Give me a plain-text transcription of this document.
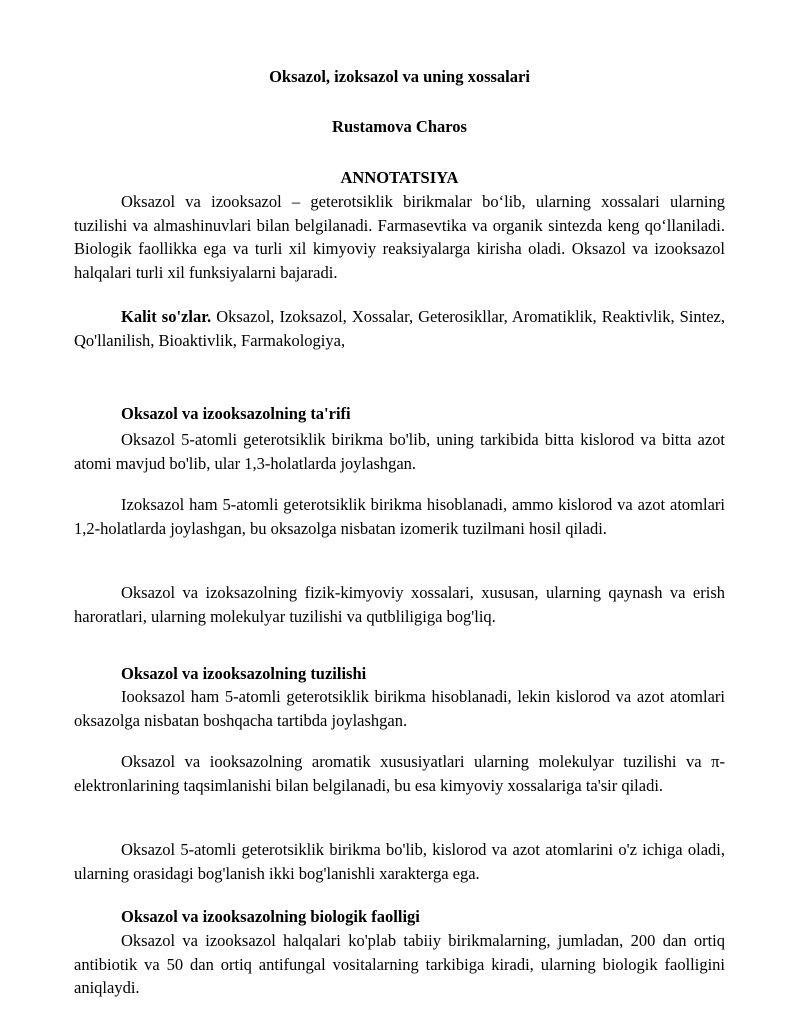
Oksazol, izoksazol va uning xossalari
Rustamova Charos
ANNOTATSIYA

Oksazol va izooksazol – geterotsiklik birikmalar boʻlib, ularning xossalari ularning tuzilishi va almashinuvlari bilan belgilanadi. Farmasevtika va organik sintezda keng qoʻllaniladi. Biologik faollikka ega va turli xil kimyoviy reaksiyalarga kirisha oladi. Oksazol va izooksazol halqalari turli xil funksiyalarni bajaradi.

Kalit so'zlar. Oksazol, Izoksazol, Xossalar, Geterosikllar, Aromatiklik, Reaktivlik, Sintez, Qo'llanilish, Bioaktivlik, Farmakologiya,

Oksazol va izooksazolning ta'rifi

Oksazol 5-atomli geterotsiklik birikma bo'lib, uning tarkibida bitta kislorod va bitta azot atomi mavjud bo'lib, ular 1,3-holatlarda joylashgan.

Izoksazol ham 5-atomli geterotsiklik birikma hisoblanadi, ammo kislorod va azot atomlari 1,2-holatlarda joylashgan, bu oksazolga nisbatan izomerik tuzilmani hosil qiladi.

Oksazol va izoksazolning fizik-kimyoviy xossalari, xususan, ularning qaynash va erish haroratlari, ularning molekulyar tuzilishi va qutbliligiga bog'liq.

Oksazol va izooksazolning tuzilishi

Iooksazol ham 5-atomli geterotsiklik birikma hisoblanadi, lekin kislorod va azot atomlari oksazolga nisbatan boshqacha tartibda joylashgan.

Oksazol va iooksazolning aromatik xususiyatlari ularning molekulyar tuzilishi va π-elektronlarining taqsimlanishi bilan belgilanadi, bu esa kimyoviy xossalariga ta'sir qiladi.

Oksazol 5-atomli geterotsiklik birikma bo'lib, kislorod va azot atomlarini o'z ichiga oladi, ularning orasidagi bog'lanish ikki bog'lanishli xarakterga ega.

Oksazol va izooksazolning biologik faolligi

Oksazol va izooksazol halqalari ko'plab tabiiy birikmalarning, jumladan, 200 dan ortiq antibiotik va 50 dan ortiq antifungal vositalarning tarkibiga kiradi, ularning biologik faolligini aniqlaydi.
